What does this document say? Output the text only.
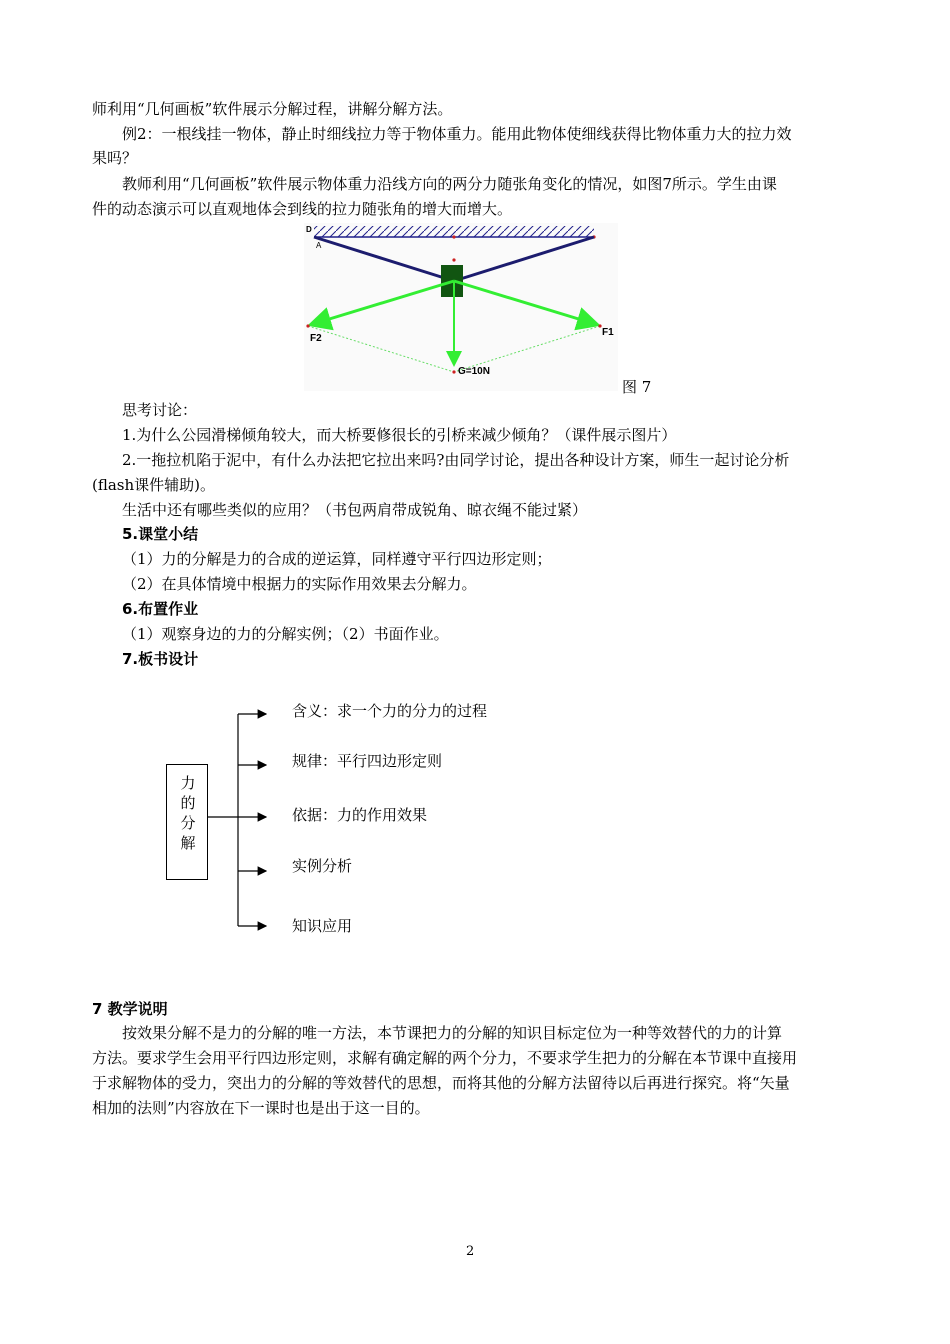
师利用“几何画板”软件展示分解过程，讲解分解方法。
例2：一根线挂一物体，静止时细线拉力等于物体重力。能用此物体使细线获得比物体重力大的拉力效
果吗？
教师利用“几何画板”软件展示物体重力沿线方向的两分力随张角变化的情况，如图7所示。学生由课
件的动态演示可以直观地体会到线的拉力随张角的增大而增大。
D
A
F1
F2
G=10N
图 7
思考讨论：
1.为什么公园滑梯倾角较大，而大桥要修很长的引桥来减少倾角？（课件展示图片）
2.一拖拉机陷于泥中，有什么办法把它拉出来吗?由同学讨论，提出各种设计方案，师生一起讨论分析
(flash课件辅助)。
生活中还有哪些类似的应用？（书包两肩带成锐角、晾衣绳不能过紧）
5.课堂小结
（1）力的分解是力的合成的逆运算，同样遵守平行四边形定则；
（2）在具体情境中根据力的实际作用效果去分解力。
6.布置作业
（1）观察身边的力的分解实例；（2）书面作业。
7.板书设计
力
的
分
解
含义：求一个力的分力的过程
规律：平行四边形定则
依据：力的作用效果
实例分析
知识应用
7 教学说明
按效果分解不是力的分解的唯一方法，本节课把力的分解的知识目标定位为一种等效替代的力的计算
方法。要求学生会用平行四边形定则，求解有确定解的两个分力，不要求学生把力的分解在本节课中直接用
于求解物体的受力，突出力的分解的等效替代的思想，而将其他的分解方法留待以后再进行探究。将“矢量
相加的法则”内容放在下一课时也是出于这一目的。
2
